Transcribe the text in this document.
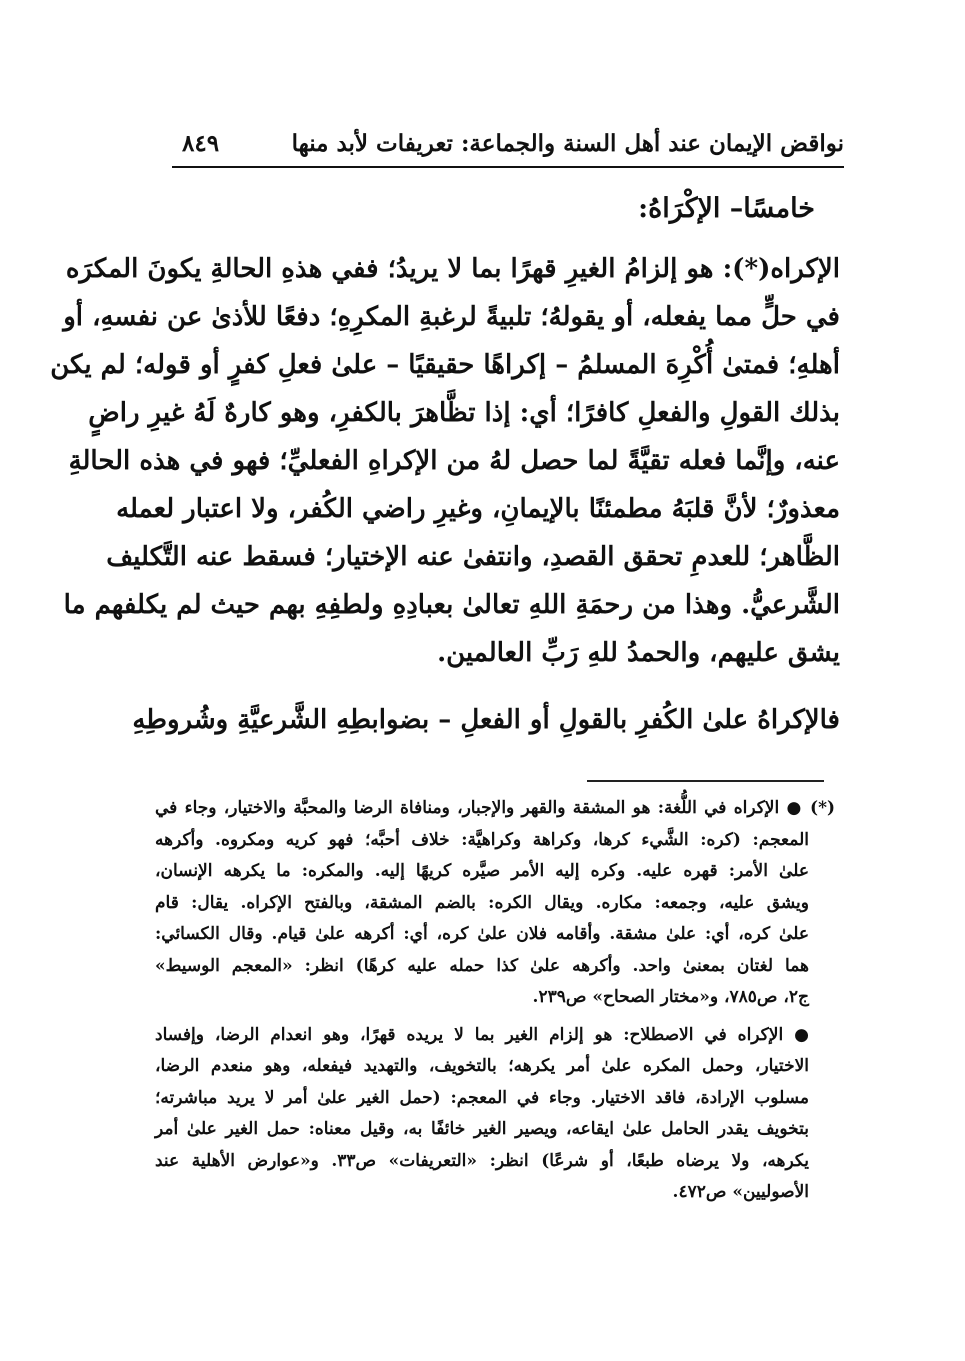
نواقض الإيمان عند أهل السنة والجماعة: تعريفات لأبد منها
٨٤٩
خامسًا– الإكْرَاهُ:
الإكراه(*): هو إلزامُ الغيرِ قهرًا بما لا يريدُ؛ ففي هذهِ الحالةِ يكونَ المكرَه
في حلٍّ مما يفعله، أو يقولهُ؛ تلبيةً لرغبةِ المكرِهِ؛ دفعًا للأذىٰ عن نفسهِ، أو
أهلهِ؛ فمتىٰ أُكْرِهَ المسلمُ – إكراهًا حقيقيًا – علىٰ فعلِ كفرٍ أو قوله؛ لم يكن
بذلك القولِ والفعلِ كافرًا؛ أي: إذا تظَّاهرَ بالكفرِ، وهو كارهٌ لَهُ غيرِ راضٍ
عنه، وإنَّما فعله تقيَّةً لما حصل لهُ من الإكراهِ الفعليِّ؛ فهو في هذه الحالةِ
معذورٌ؛ لأنَّ قلبَهُ مطمئنًا بالإيمانِ، وغيرِ راضي الكُفر، ولا اعتبار لعمله
الظَّاهر؛ للعدمِ تحقق القصدِ، وانتفىٰ عنه الإختيار؛ فسقط عنه التَّكليف
الشَّرعيُّ. وهذا من رحمَةِ اللهِ تعالىٰ بعبادِهِ ولطفِهِ بهم حيث لم يكلفهم ما
يشق عليهم، والحمدُ للهِ رَبِّ العالمين.
فالإكراهُ علىٰ الكُفرِ بالقولِ أو الفعلِ – بضوابطِهِ الشَّرعيَّةِ وشُروطِهِ
(*) ● الإكراه في اللُّغة: هو المشقة والقهر والإجبار، ومنافاة الرضا والمحبَّة والاختيار، وجاء في
المعجم: (كره: الشَّيء كرها، وكراهة وكراهيَّة: خلاف أحبَّه؛ فهو كريه ومكروه. وأكرهه
علىٰ الأمر: قهره عليه. وكره إليه الأمر صيَّره كريهًا إليه. والمكره: ما يكرهه الإنسان،
ويشق عليه، وجمعه: مكاره. ويقال الكره: بالضم المشقة، وبالفتح الإكراه. يقال: قام
علىٰ كره، أي: علىٰ مشقة. وأقامه فلان علىٰ كره، أي: أكرهه علىٰ قيام. وقال الكسائي:
هما لغتان بمعنىٰ واحد. وأكرهه علىٰ كذا حمله عليه كرهًا) انظر: «المعجم الوسيط»
ج٢، ص٧٨٥، و«مختار الصحاح» ص٢٣٩.
● الإكراه في الاصطلاح: هو إلزام الغير بما لا يريده قهرًا، وهو انعدام الرضا، وإفساد
الاختيار، وحمل المكره علىٰ أمر يكرهه؛ بالتخويف، والتهديد فيفعله، وهو منعدم الرضا،
مسلوب الإرادة، فاقد الاختيار. وجاء في المعجم: (حمل الغير علىٰ أمر لا يريد مباشرته؛
بتخويف يقدر الحامل علىٰ ايقاعه، ويصير الغير خائفًا به، وقيل معناه: حمل الغير علىٰ أمر
يكرهه، ولا يرضاه طبعًا، أو شرعًا) انظر: «التعريفات» ص٣٣. و«عوارض الأهلية عند
الأصوليين» ص٤٧٢.
